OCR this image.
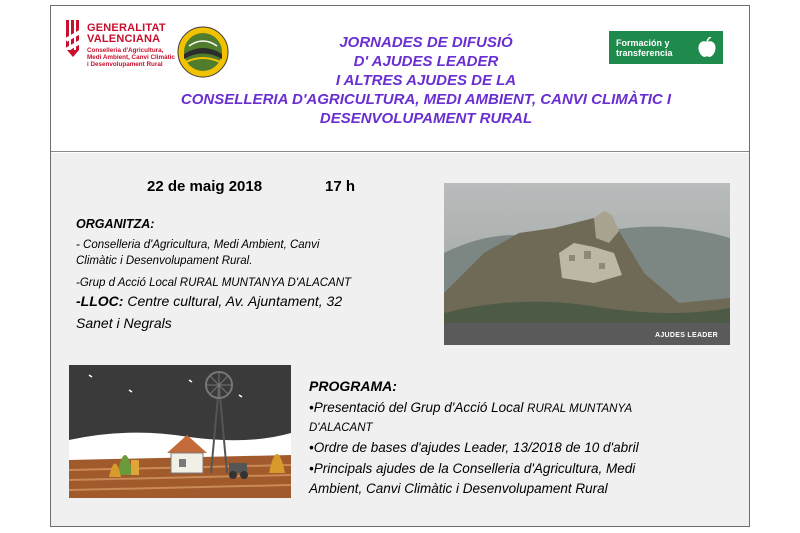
GENERALITAT
VALENCIANA
Conselleria d'Agricultura,
Medi Ambient, Canvi Climàtic
i Desenvolupament Rural
JORNADES DE DIFUSIÓ
D' AJUDES LEADER
I ALTRES AJUDES DE LA
CONSELLERIA D'AGRICULTURA, MEDI AMBIENT, CANVI CLIMÀTIC I
DESENVOLUPAMENT RURAL
Formación y
transferencia
22 de maig 2018	17 h
ORGANITZA:
- Conselleria d'Agricultura, Medi Ambient, Canvi
Climàtic i Desenvolupament Rural.
-Grup d Acció Local RURAL MUNTANYA D'ALACANT
-LLOC: Centre cultural, Av. Ajuntament, 32
Sanet i Negrals
AJUDES LEADER
PROGRAMA:
•Presentació del Grup d'Acció Local RURAL MUNTANYA
D'ALACANT
•Ordre de bases d'ajudes Leader, 13/2018 de 10 d'abril
•Principals ajudes de la Conselleria d'Agricultura, Medi
Ambient, Canvi Climàtic i Desenvolupament Rural
